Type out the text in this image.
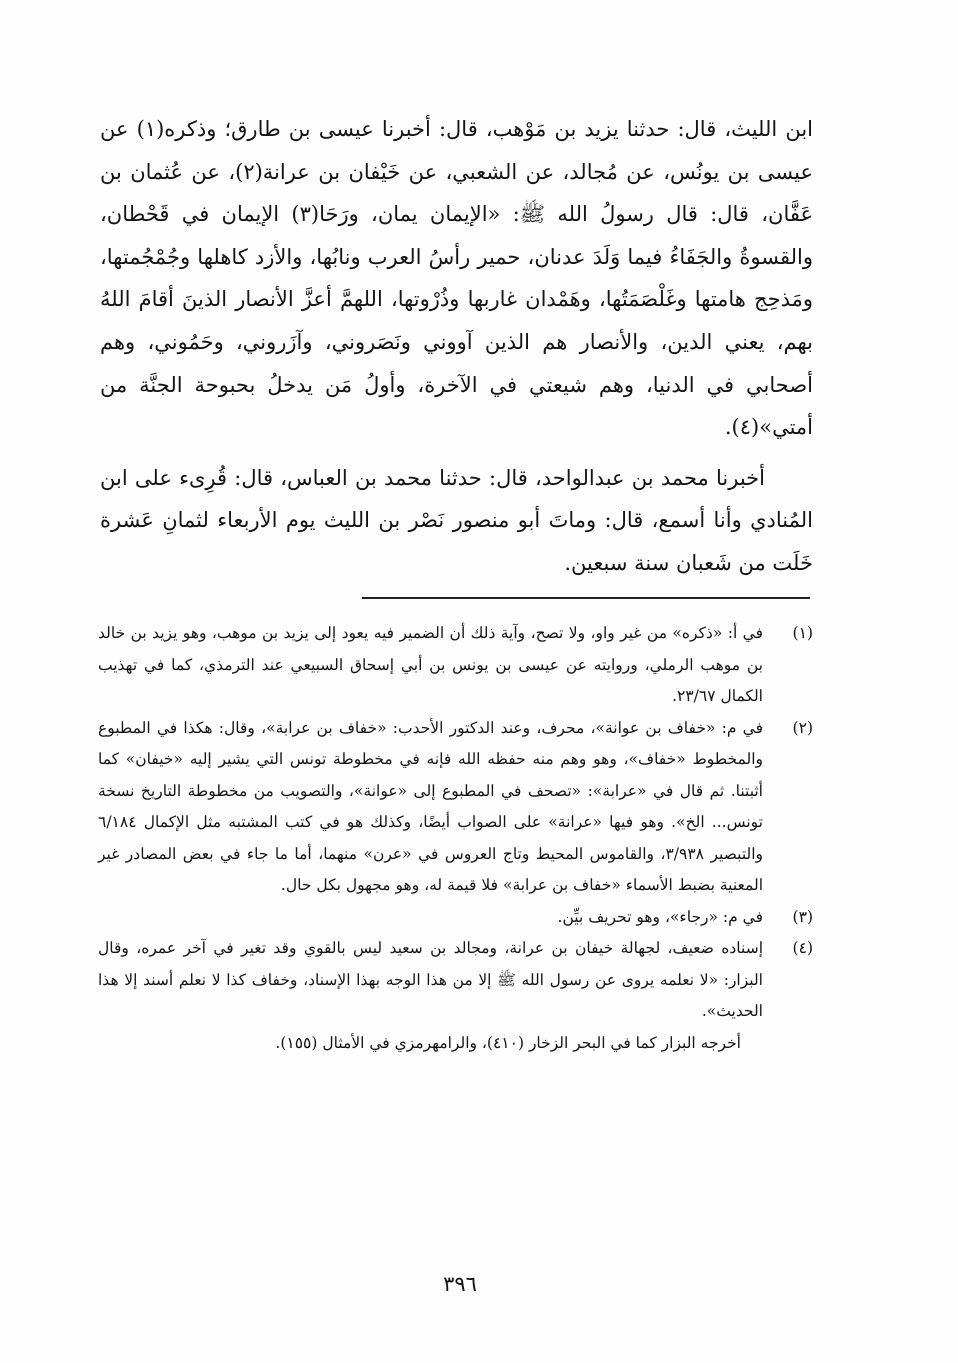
ابن الليث، قال: حدثنا يزيد بن مَوْهب، قال: أخبرنا عيسى بن طارق؛ وذكره(١) عن عيسى بن يونُس، عن مُجالد، عن الشعبي، عن خَيْفان بن عرانة(٢)، عن عُثمان بن عَفَّان، قال: قال رسولُ الله ﷺ: «الإيمان يمان، ورَحَا(٣) الإيمان في قَحْطان، والقسوةُ والجَفَاءُ فيما وَلَدَ عدنان، حمير رأسُ العرب ونابُها، والأزد كاهلها وجُمْجُمتها، ومَذحِج هامتها وغَلْصَمَتُها، وهَمْدان غاربها وذُرْوتها، اللهمَّ أعزَّ الأنصار الذينَ أقامَ اللهُ بهم، يعني الدين، والأنصار هم الذين آووني ونَصَروني، وآزَروني، وحَمُوني، وهم أصحابي في الدنيا، وهم شيعتي في الآخرة، وأولُ مَن يدخلُ بحبوحة الجنَّة من أمتي»(٤).

أخبرنا محمد بن عبدالواحد، قال: حدثنا محمد بن العباس، قال: قُرِىء على ابن المُنادي وأنا أسمع، قال: وماتَ أبو منصور نَصْر بن الليث يوم الأربعاء لثمانِ عَشرة خَلَت من شَعبان سنة سبعين.

(١)
في أ: «ذكره» من غير واو، ولا تصح، وآية ذلك أن الضمير فيه يعود إلى يزيد بن موهب، وهو يزيد بن خالد بن موهب الرملي، وروايته عن عيسى بن يونس بن أبي إسحاق السبيعي عند الترمذي، كما في تهذيب الكمال ٢٣/٦٧.
(٢)
في م: «خفاف بن عوانة»، محرف، وعند الدكتور الأحدب: «خفاف بن عرابة»، وقال: هكذا في المطبوع والمخطوط «خفاف»، وهو وهم منه حفظه الله فإنه في مخطوطة تونس التي يشير إليه «خيفان» كما أثبتنا. ثم قال في «عرابة»: «تصحف في المطبوع إلى «عوانة»، والتصويب من مخطوطة التاريخ نسخة تونس... الخ». وهو فيها «عرانة» على الصواب أيضًا، وكذلك هو في كتب المشتبه مثل الإكمال ٦/١٨٤ والتبصير ٣/٩٣٨، والقاموس المحيط وتاج العروس في «عرن» منهما، أما ما جاء في بعض المصادر غير المعنية بضبط الأسماء «خفاف بن عرابة» فلا قيمة له، وهو مجهول بكل حال.
(٣)
في م: «رجاء»، وهو تحريف بيِّن.
(٤)
إسناده ضعيف، لجهالة خيفان بن عرانة، ومجالد بن سعيد ليس بالقوي وقد تغير في آخر عمره، وقال البزار: «لا نعلمه يروى عن رسول الله ﷺ إلا من هذا الوجه بهذا الإسناد، وخفاف كذا لا نعلم أسند إلا هذا الحديث».
أخرجه البزار كما في البحر الزخار (٤١٠)، والرامهرمزي في الأمثال (١٥٥).
٣٩٦
